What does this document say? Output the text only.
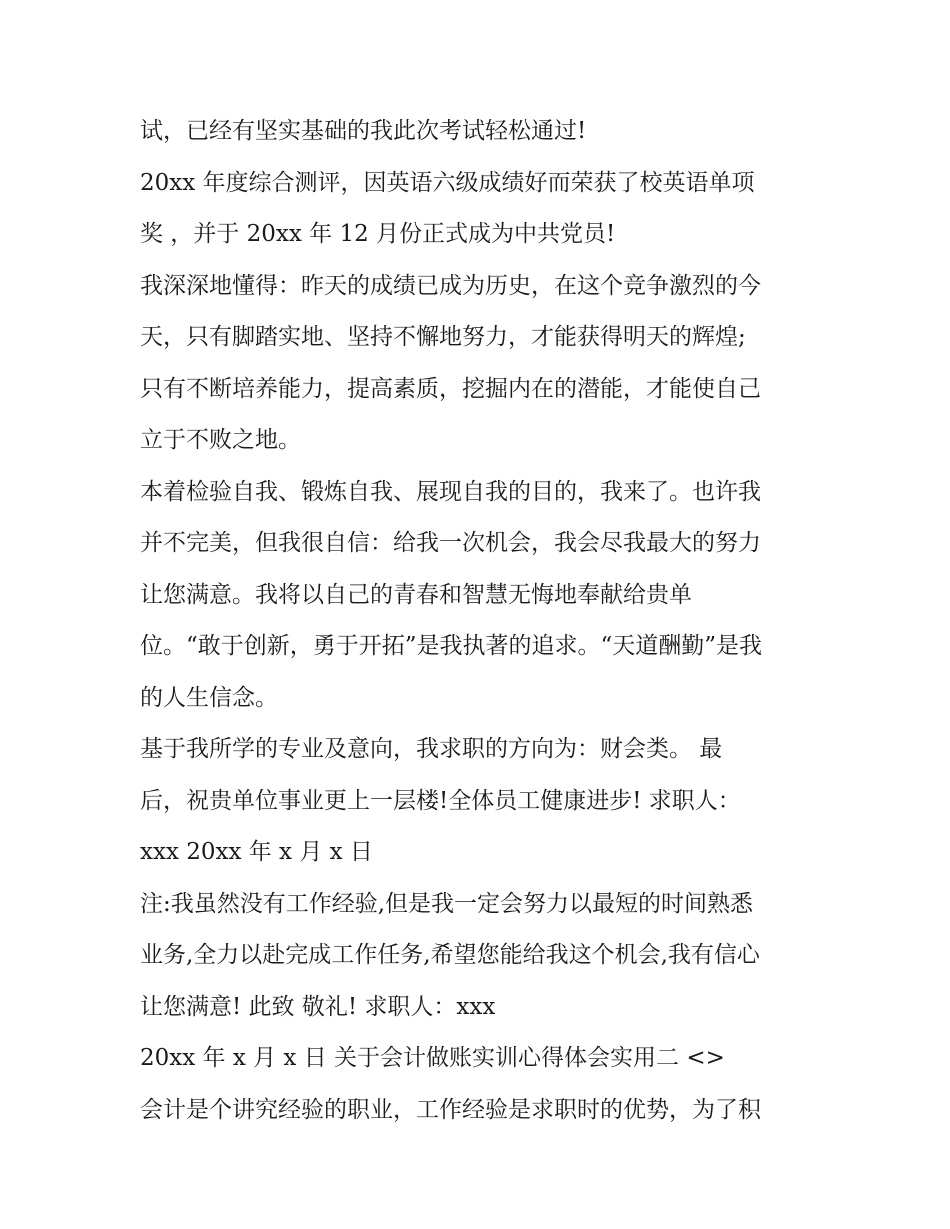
试，已经有坚实基础的我此次考试轻松通过!

20xx 年度综合测评，因英语六级成绩好而荣获了校英语单项

奖 ，并于 20xx 年 12 月份正式成为中共党员!

我深深地懂得：昨天的成绩已成为历史，在这个竞争激烈的今

天，只有脚踏实地、坚持不懈地努力，才能获得明天的辉煌;

只有不断培养能力，提高素质，挖掘内在的潜能，才能使自己

立于不败之地。

本着检验自我、锻炼自我、展现自我的目的，我来了。也许我

并不完美，但我很自信：给我一次机会，我会尽我最大的努力

让您满意。我将以自己的青春和智慧无悔地奉献给贵单

位。“敢于创新，勇于开拓”是我执著的追求。“天道酬勤”是我

的人生信念。

基于我所学的专业及意向，我求职的方向为：财会类。 最

后，祝贵单位事业更上一层楼!全体员工健康进步! 求职人：

xxx 20xx 年 x 月 x 日

注:我虽然没有工作经验,但是我一定会努力以最短的时间熟悉

业务,全力以赴完成工作任务,希望您能给我这个机会,我有信心

让您满意! 此致 敬礼! 求职人：xxx

20xx 年 x 月 x 日 关于会计做账实训心得体会实用二 <>

会计是个讲究经验的职业，工作经验是求职时的优势，为了积
